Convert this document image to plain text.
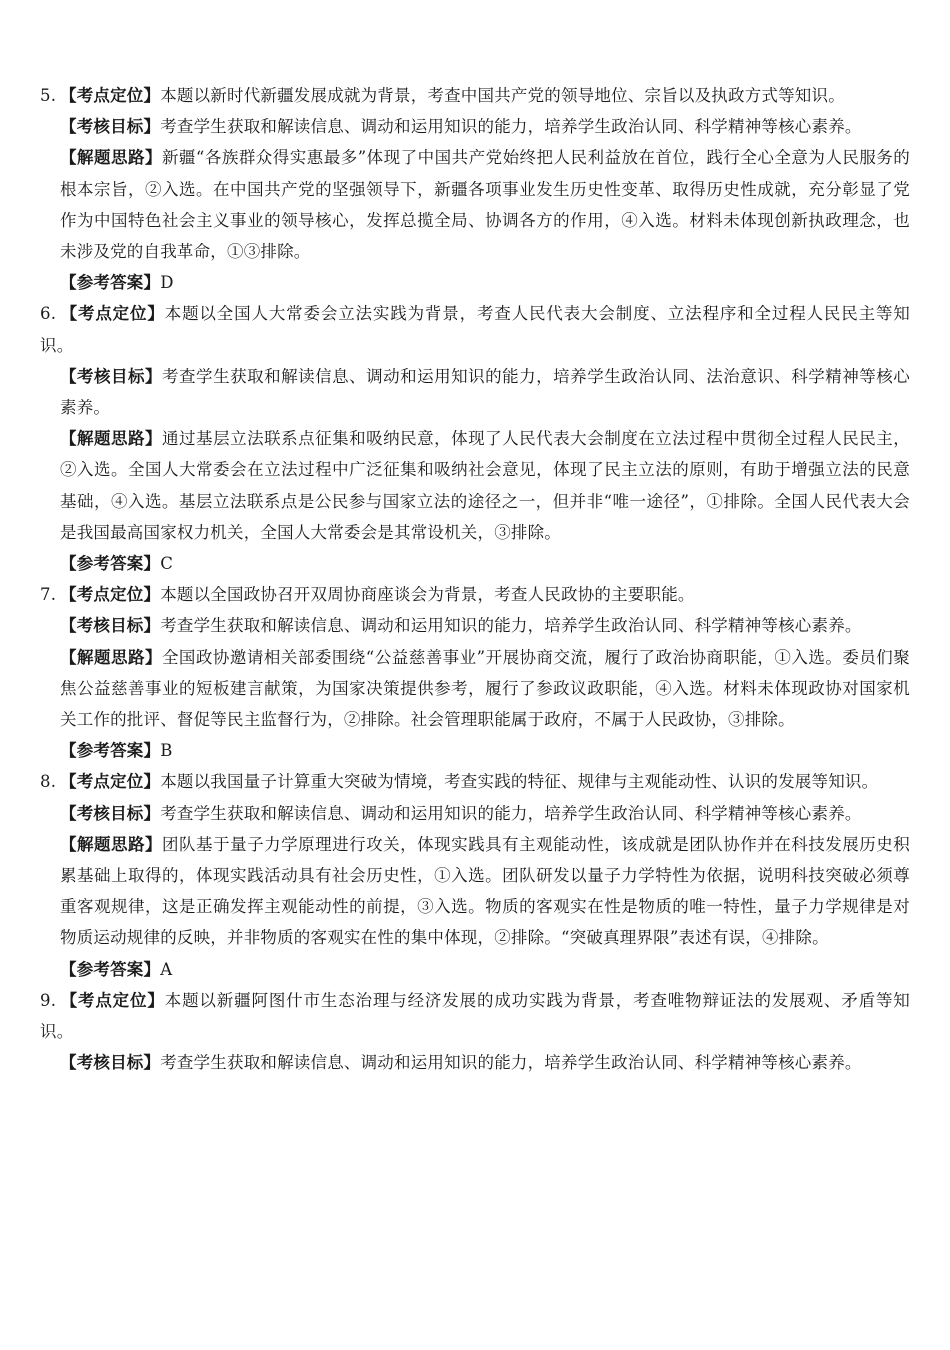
5. 【考点定位】本题以新时代新疆发展成就为背景，考查中国共产党的领导地位、宗旨以及执政方式等知识。

【考核目标】考查学生获取和解读信息、调动和运用知识的能力，培养学生政治认同、科学精神等核心素养。

【解题思路】新疆“各族群众得实惠最多”体现了中国共产党始终把人民利益放在首位，践行全心全意为人民服务的根本宗旨，②入选。在中国共产党的坚强领导下，新疆各项事业发生历史性变革、取得历史性成就，充分彰显了党作为中国特色社会主义事业的领导核心，发挥总揽全局、协调各方的作用，④入选。材料未体现创新执政理念，也未涉及党的自我革命，①③排除。

【参考答案】D

6. 【考点定位】本题以全国人大常委会立法实践为背景，考查人民代表大会制度、立法程序和全过程人民民主等知识。

【考核目标】考查学生获取和解读信息、调动和运用知识的能力，培养学生政治认同、法治意识、科学精神等核心素养。

【解题思路】通过基层立法联系点征集和吸纳民意，体现了人民代表大会制度在立法过程中贯彻全过程人民民主，②入选。全国人大常委会在立法过程中广泛征集和吸纳社会意见，体现了民主立法的原则，有助于增强立法的民意基础，④入选。基层立法联系点是公民参与国家立法的途径之一，但并非“唯一途径”，①排除。全国人民代表大会是我国最高国家权力机关，全国人大常委会是其常设机关，③排除。

【参考答案】C

7. 【考点定位】本题以全国政协召开双周协商座谈会为背景，考查人民政协的主要职能。

【考核目标】考查学生获取和解读信息、调动和运用知识的能力，培养学生政治认同、科学精神等核心素养。

【解题思路】全国政协邀请相关部委围绕“公益慈善事业”开展协商交流，履行了政治协商职能，①入选。委员们聚焦公益慈善事业的短板建言献策，为国家决策提供参考，履行了参政议政职能，④入选。材料未体现政协对国家机关工作的批评、督促等民主监督行为，②排除。社会管理职能属于政府，不属于人民政协，③排除。

【参考答案】B

8. 【考点定位】本题以我国量子计算重大突破为情境，考查实践的特征、规律与主观能动性、认识的发展等知识。

【考核目标】考查学生获取和解读信息、调动和运用知识的能力，培养学生政治认同、科学精神等核心素养。

【解题思路】团队基于量子力学原理进行攻关，体现实践具有主观能动性，该成就是团队协作并在科技发展历史积累基础上取得的，体现实践活动具有社会历史性，①入选。团队研发以量子力学特性为依据，说明科技突破必须尊重客观规律，这是正确发挥主观能动性的前提，③入选。物质的客观实在性是物质的唯一特性，量子力学规律是对物质运动规律的反映，并非物质的客观实在性的集中体现，②排除。“突破真理界限”表述有误，④排除。

【参考答案】A

9. 【考点定位】本题以新疆阿图什市生态治理与经济发展的成功实践为背景，考查唯物辩证法的发展观、矛盾等知识。

【考核目标】考查学生获取和解读信息、调动和运用知识的能力，培养学生政治认同、科学精神等核心素养。
